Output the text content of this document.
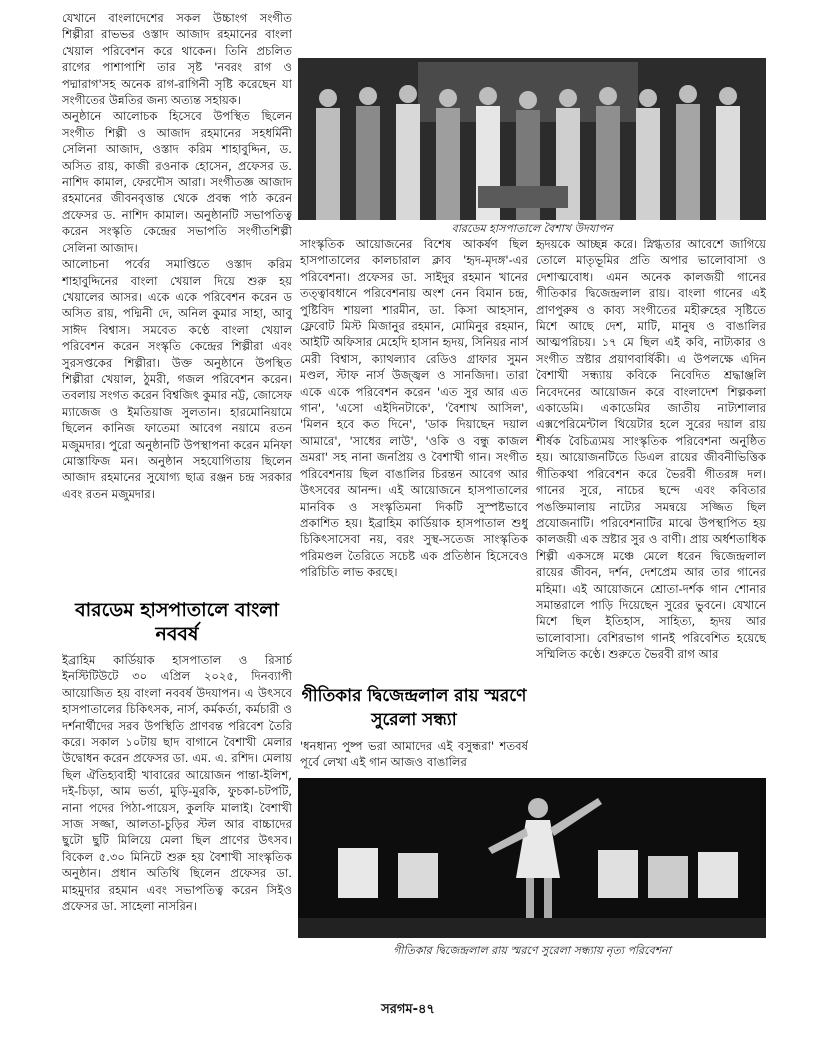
যেখানে বাংলাদেশের সকল উচ্চাংগ সংগীত শিল্পীরা রাভভর ওস্তাদ আজাদ রহমানের বাংলা খেয়াল পরিবেশন করে থাকেন। তিনি প্রচলিত রাগের পাশাপাশি তার সৃষ্ট 'নবরং রাগ ও পদ্মারাগ'সহ অনেক রাগ-রাগিনী সৃষ্টি করেছেন যা সংগীতের উন্নতির জন্য অত্যন্ত সহায়ক।

অনুষ্ঠানে আলোচক হিসেবে উপস্থিত ছিলেন সংগীত শিল্পী ও আজাদ রহমানের সহধর্মিনী সেলিনা আজাদ, ওস্তাদ করিম শাহাবুদ্দিন, ড. অসিত রায়, কাজী রওনাক হোসেন, প্রফেসর ড. নাশিদ কামাল, ফেরদৌস আরা। সংগীতজ্ঞ আজাদ রহমানের জীবনবৃত্তান্ত থেকে প্রবন্ধ পাঠ করেন প্রফেসর ড. নাশিদ কামাল। অনুষ্ঠানটি সভাপতিত্ব করেন সংস্কৃতি কেন্দ্রের সভাপতি সংগীতশিল্পী সেলিনা আজাদ।

আলোচনা পর্বের সমাপ্তিতে ওস্তাদ করিম শাহাবুদ্দিনের বাংলা খেয়াল দিয়ে শুরু হয় খেয়ালের আসর। একে একে পরিবেশন করেন ড অসিত রায়, পদ্মিনী দে, অনিল কুমার সাহা, আবু সাঈদ বিশ্বাস। সমবেত কণ্ঠে বাংলা খেয়াল পরিবেশন করেন সংস্কৃতি কেন্দ্রের শিল্পীরা এবং সুরসপ্তকের শিল্পীরা। উক্ত অনুষ্ঠানে উপস্থিত শিল্পীরা খেয়াল, ঠুমরী, গজল পরিবেশন করেন। তবলায় সংগত করেন বিশ্বজিৎ কুমার নট্ট, জোসেফ ম্যাজেজ ও ইমতিয়াজ সুলতান। হারমোনিয়ামে ছিলেন কানিজ ফাতেমা আবেগ নয়ামে রতন মজুমদার। পুরো অনুষ্ঠানটি উপস্থাপনা করেন মনিফা মোস্তাফিজ মন। অনুষ্ঠান সহযোগিতায় ছিলেন আজাদ রহমানের সুযোগ্য ছাত্র রঞ্জন চন্দ্র সরকার এবং রতন মজুমদার।

বারডেম হাসপাতালে বাংলা নববর্ষ

ইব্রাহিম কার্ডিয়াক হাসপাতাল ও রিসার্চ ইনস্টিটিউটে ৩০ এপ্রিল ২০২৫, দিনব্যাপী আয়োজিত হয় বাংলা নববর্ষ উদযাপন। এ উৎসবে হাসপাতালের চিকিৎসক, নার্স, কর্মকর্তা, কর্মচারী ও দর্শনার্থীদের সরব উপস্থিতি প্রাণবন্ত পরিবেশ তৈরি করে। সকাল ১০টায় ছাদ বাগানে বৈশাখী মেলার উদ্বোধন করেন প্রফেসর ডা. এম. এ. রশিদ। মেলায় ছিল ঐতিহ্যবাহী খাবারের আয়োজন পান্তা-ইলিশ, দই-চিড়া, আম ভর্তা, মুড়ি-মুরকি, ফুচকা-চটপটি, নানা পদের পিঠা-পায়েস, কুলফি মালাই। বৈশাখী সাজ সজ্জা, আলতা-চুড়ির স্টল আর বাচ্চাদের ছুটো ছুটি মিলিয়ে মেলা ছিল প্রাণের উৎসব। বিকেল ৫.৩০ মিনিটে শুরু হয় বৈশাখী সাংস্কৃতিক অনুষ্ঠান। প্রধান অতিথি ছিলেন প্রফেসর ডা. মাহমুদার রহমান এবং সভাপতিত্ব করেন সিইও প্রফেসর ডা. সাহেলা নাসরিন।

বারডেম হাসপাতালে বৈশাখ উদযাপন

সাংস্কৃতিক আয়োজনের বিশেষ আকর্ষণ ছিল হাসপাতালের কালচারাল ক্লাব 'হৃদ-মৃদঙ্গ'-এর পরিবেশনা। প্রফেসর ডা. সাইদুর রহমান খানের তত্ত্বাবধানে পরিবেশনায় অংশ নেন বিমান চন্দ্র, পুষ্টিবিদ শায়লা শারমীন, ডা. কিসা আহসান, ফ্লেবোট মিস্ট মিজানুর রহমান, মোমিনুর রহমান, আইটি অফিসার মেহেদি হাসান হৃদয়, সিনিয়র নার্স মেরী বিশ্বাস, ক্যাথল্যাব রেডিও গ্রাফার সুমন মণ্ডল, স্টাফ নার্স উজ্জ্বল ও সানজিদা। তারা একে একে পরিবেশন করেন 'এত সুর আর এত গান', 'এসো এইদিনটাকে', 'বৈশাখ আসিল', 'মিলন হবে কত দিনে', 'ডাক দিয়াছেন দয়াল আমারে', 'সাধের লাউ', 'ওকি ও বন্ধু কাজল ভ্রমরা' সহ নানা জনপ্রিয় ও বৈশাখী গান। সংগীত পরিবেশনায় ছিল বাঙালির চিরন্তন আবেগ আর উৎসবের আনন্দ। এই আয়োজনে হাসপাতালের মানবিক ও সংস্কৃতিমনা দিকটি সুস্পষ্টভাবে প্রকাশিত হয়। ইব্রাহিম কার্ডিয়াক হাসপাতাল শুধু চিকিৎসাসেবা নয়, বরং সুস্থ-সতেজ সাংস্কৃতিক পরিমণ্ডল তৈরিতে সচেষ্ট এক প্রতিষ্ঠান হিসেবেও পরিচিতি লাভ করছে।

গীতিকার দ্বিজেন্দ্রলাল রায় স্মরণে সুরেলা সন্ধ্যা

'ধনধান্য পুষ্প ভরা আমাদের এই বসুন্ধরা' শতবর্ষ পূর্বে লেখা এই গান আজও বাঙালির

হৃদয়কে আচ্ছন্ন করে। স্নিগ্ধতার আবেশে জাগিয়ে তোলে মাতৃভূমির প্রতি অপার ভালোবাসা ও দেশাত্মবোধ। এমন অনেক কালজয়ী গানের গীতিকার দ্বিজেন্দ্রলাল রায়। বাংলা গানের এই প্রাণপুরুষ ও কাব্য সংগীতের মহীরুহের সৃষ্টিতে মিশে আছে দেশ, মাটি, মানুষ ও বাঙালির আত্মপরিচয়। ১৭ মে ছিল এই কবি, নাট্যকার ও সংগীত স্রষ্টার প্রয়াণবার্ষিকী। এ উপলক্ষে এদিন বৈশাখী সন্ধ্যায় কবিকে নিবেদিত শ্রদ্ধাঞ্জলি নিবেদনের আয়োজন করে বাংলাদেশ শিল্পকলা একাডেমি। একাডেমির জাতীয় নাট্যশালার এক্সপেরিমেন্টাল থিয়েটার হলে সুরের দয়াল রায় শীর্ষক বৈচিত্র্যময় সাংস্কৃতিক পরিবেশনা অনুষ্ঠিত হয়। আয়োজনটিতে ডিএল রায়ের জীবনীভিত্তিক গীতিকথা পরিবেশন করে ভৈরবী গীতরঙ্গ দল। গানের সুরে, নাচের ছন্দে এবং কবিতার পঙক্তিমালায় নাট্যের সমন্বয়ে সজ্জিত ছিল প্রযোজনাটি। পরিবেশনাটির মাঝে উপস্থাপিত হয় কালজয়ী এক স্রষ্টার সুর ও বাণী। প্রায় অর্ধশতাধিক শিল্পী একসঙ্গে মঞ্চে মেলে ধরেন দ্বিজেন্দ্রলাল রায়ের জীবন, দর্শন, দেশপ্রেম আর তার গানের মহিমা। এই আয়োজনে শ্রোতা-দর্শক গান শোনার সমান্তরালে পাড়ি দিয়েছেন সুরের ভুবনে। যেখানে মিশে ছিল ইতিহাস, সাহিত্য, হৃদয় আর ভালোবাসা। বেশিরভাগ গানই পরিবেশিত হয়েছে সম্মিলিত কণ্ঠে। শুরুতে ভৈরবী রাগ আর

গীতিকার দ্বিজেন্দ্রলাল রায় স্মরণে সুরেলা সন্ধ্যায় নৃত্য পরিবেশনা
সরগম-৪৭
